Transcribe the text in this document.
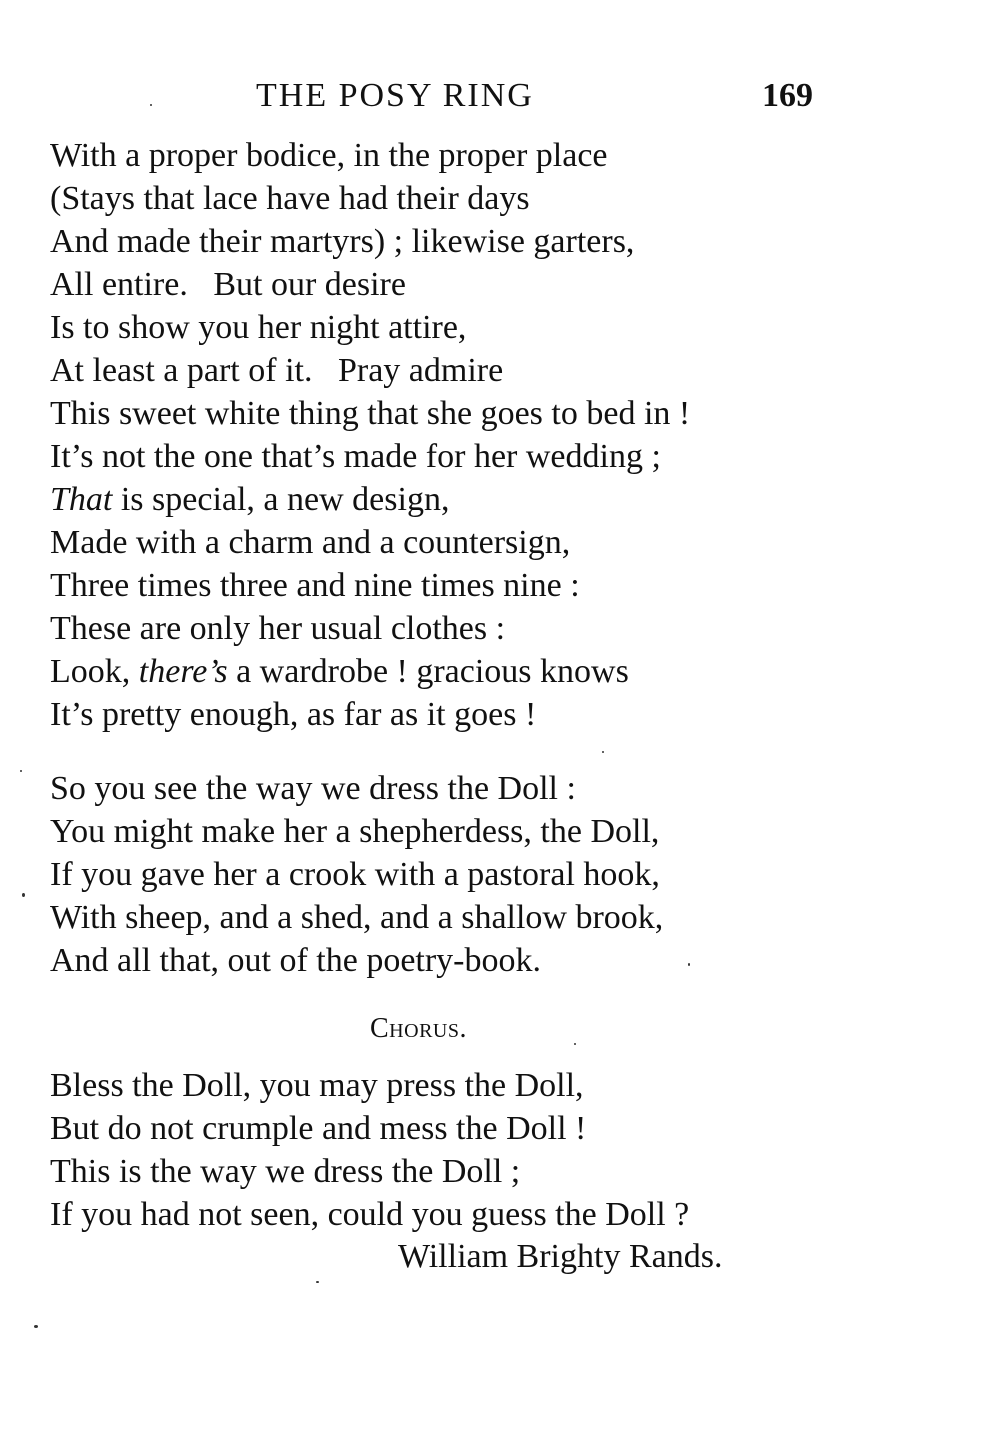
THE POSY RING	169
With a proper bodice, in the proper place
(Stays that lace have had their days
And made their martyrs) ; likewise garters,
All entire.   But our desire
Is to show you her night attire,
At least a part of it.   Pray admire
This sweet white thing that she goes to bed in !
It’s not the one that’s made for her wedding ;
That is special, a new design,
Made with a charm and a countersign,
Three times three and nine times nine :
These are only her usual clothes :
Look, there’s a wardrobe ! gracious knows
It’s pretty enough, as far as it goes !
So you see the way we dress the Doll :
You might make her a shepherdess, the Doll,
If you gave her a crook with a pastoral hook,
With sheep, and a shed, and a shallow brook,
And all that, out of the poetry-book.
Chorus.
Bless the Doll, you may press the Doll,
But do not crumple and mess the Doll !
This is the way we dress the Doll ;
If you had not seen, could you guess the Doll ?
William Brighty Rands.
